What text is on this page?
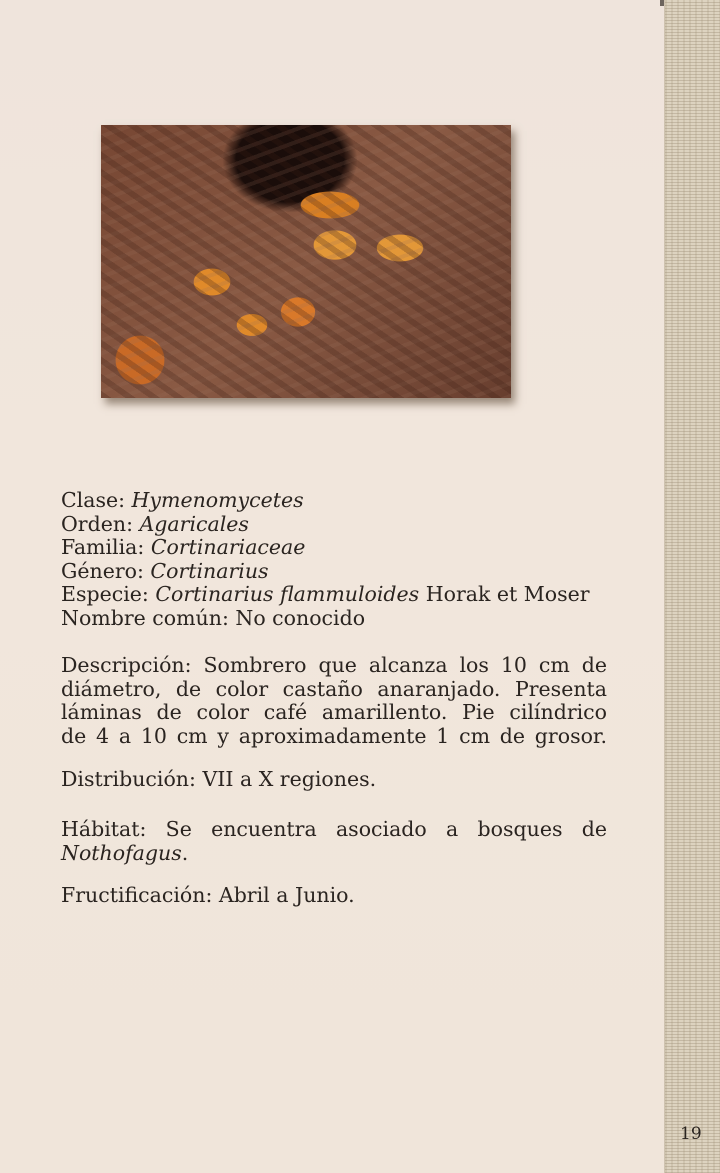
Clase: Hymenomycetes

Orden: Agaricales

Familia: Cortinariaceae

Género: Cortinarius

Especie: Cortinarius flammuloides Horak et Moser

Nombre común: No conocido

Descripción: Sombrero que alcanza los 10 cm de

diámetro, de color castaño anaranjado. Presenta

láminas de color café amarillento. Pie cilíndrico

de 4 a 10 cm y aproximadamente 1 cm de grosor.

Distribución: VII a X regiones.

Hábitat: Se encuentra asociado a bosques de

Nothofagus.

Fructificación: Abril a Junio.

19
